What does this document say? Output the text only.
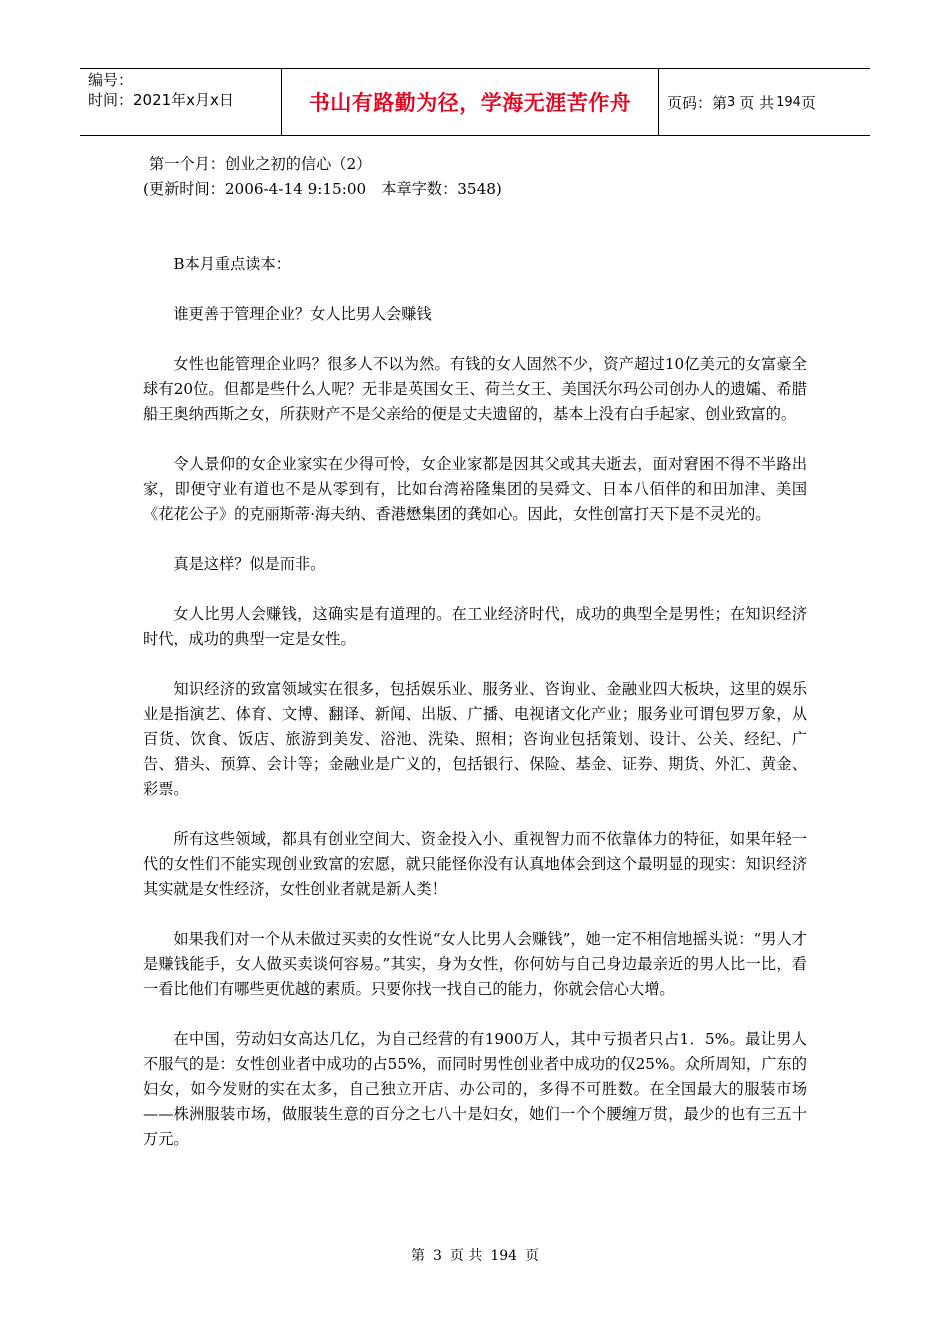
编号：
时间：2021年x月x日	书山有路勤为径，学海无涯苦作舟	页码：第 3 页 共 194 页

第一个月：创业之初的信心（2）

(更新时间：2006-4-14 9:15:00　本章字数：3548)

B本月重点读本：

谁更善于管理企业？女人比男人会赚钱

女性也能管理企业吗？很多人不以为然。有钱的女人固然不少，资产超过10亿美元的女富豪全球有20位。但都是些什么人呢？无非是英国女王、荷兰女王、美国沃尔玛公司创办人的遗孀、希腊船王奥纳西斯之女，所获财产不是父亲给的便是丈夫遗留的，基本上没有白手起家、创业致富的。

令人景仰的女企业家实在少得可怜，女企业家都是因其父或其夫逝去，面对窘困不得不半路出家，即便守业有道也不是从零到有，比如台湾裕隆集团的吴舜文、日本八佰伴的和田加津、美国《花花公子》的克丽斯蒂·海夫纳、香港懋集团的龚如心。因此，女性创富打天下是不灵光的。

真是这样？似是而非。

女人比男人会赚钱，这确实是有道理的。在工业经济时代，成功的典型全是男性；在知识经济时代，成功的典型一定是女性。

知识经济的致富领域实在很多，包括娱乐业、服务业、咨询业、金融业四大板块，这里的娱乐业是指演艺、体育、文博、翻译、新闻、出版、广播、电视诸文化产业；服务业可谓包罗万象，从百货、饮食、饭店、旅游到美发、浴池、洗染、照相；咨询业包括策划、设计、公关、经纪、广告、猎头、预算、会计等；金融业是广义的，包括银行、保险、基金、证券、期货、外汇、黄金、彩票。

所有这些领域，都具有创业空间大、资金投入小、重视智力而不依靠体力的特征，如果年轻一代的女性们不能实现创业致富的宏愿，就只能怪你没有认真地体会到这个最明显的现实：知识经济其实就是女性经济，女性创业者就是新人类！

如果我们对一个从未做过买卖的女性说“女人比男人会赚钱”，她一定不相信地摇头说：“男人才是赚钱能手，女人做买卖谈何容易。”其实，身为女性，你何妨与自己身边最亲近的男人比一比，看一看比他们有哪些更优越的素质。只要你找一找自己的能力，你就会信心大增。

在中国，劳动妇女高达几亿，为自己经营的有1900万人，其中亏损者只占1．5%。最让男人不服气的是：女性创业者中成功的占55%，而同时男性创业者中成功的仅25%。众所周知，广东的妇女，如今发财的实在太多，自己独立开店、办公司的，多得不可胜数。在全国最大的服装市场——株洲服装市场，做服装生意的百分之七八十是妇女，她们一个个腰缠万贯，最少的也有三五十万元。

第 3 页 共 194 页
